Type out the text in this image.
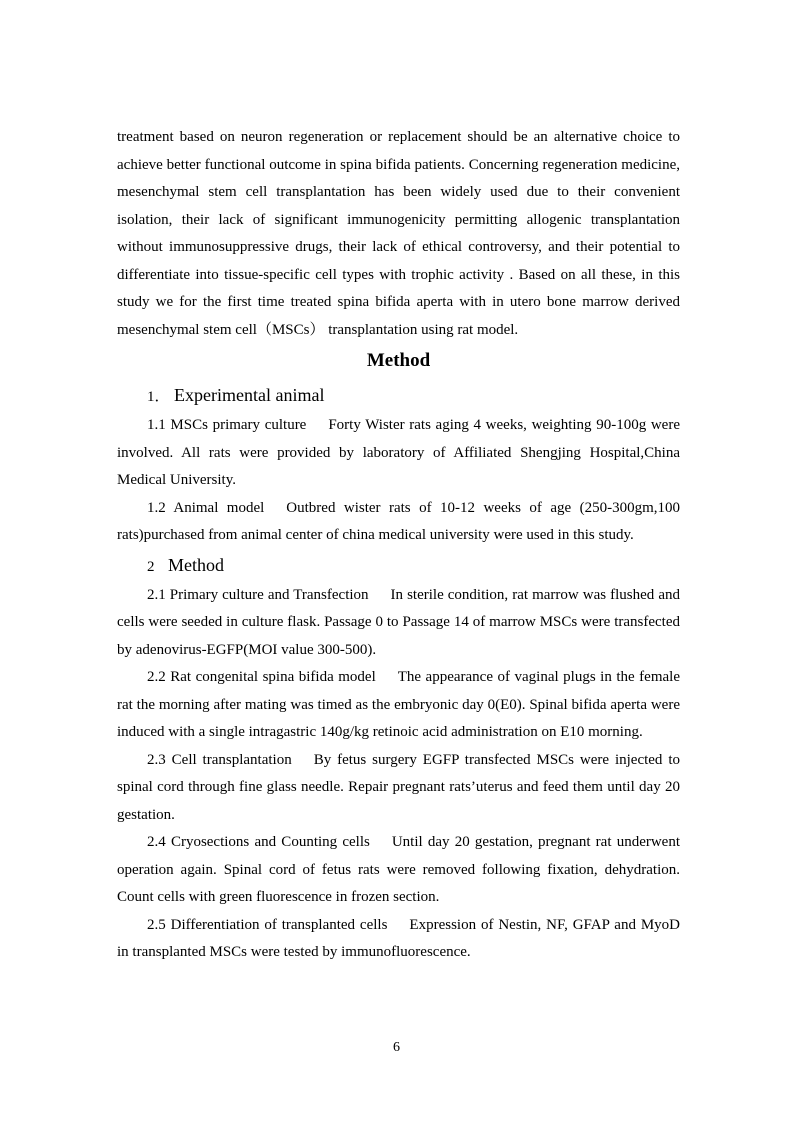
treatment based on neuron regeneration or replacement should be an alternative choice to achieve better functional outcome in spina bifida patients. Concerning regeneration medicine, mesenchymal stem cell transplantation has been widely used due to their convenient isolation, their lack of significant immunogenicity permitting allogenic transplantation without immunosuppressive drugs, their lack of ethical controversy, and their potential to differentiate into tissue-specific cell types with trophic activity . Based on all these, in this study we for the first time treated spina bifida aperta with in utero bone marrow derived mesenchymal stem cell（MSCs） transplantation using rat model.

Method

1． Experimental animal

1.1 MSCs primary culture Forty Wister rats aging 4 weeks, weighting 90-100g were involved. All rats were provided by laboratory of Affiliated Shengjing Hospital,China Medical University.

1.2 Animal model Outbred wister rats of 10-12 weeks of age (250-300gm,100 rats)purchased from animal center of china medical university were used in this study.

2 Method

2.1 Primary culture and Transfection In sterile condition, rat marrow was flushed and cells were seeded in culture flask. Passage 0 to Passage 14 of marrow MSCs were transfected by adenovirus-EGFP(MOI value 300-500).

2.2 Rat congenital spina bifida model The appearance of vaginal plugs in the female rat the morning after mating was timed as the embryonic day 0(E0). Spinal bifida aperta were induced with a single intragastric 140g/kg retinoic acid administration on E10 morning.

2.3 Cell transplantation By fetus surgery EGFP transfected MSCs were injected to spinal cord through fine glass needle. Repair pregnant rats’uterus and feed them until day 20 gestation.

2.4 Cryosections and Counting cells Until day 20 gestation, pregnant rat underwent operation again. Spinal cord of fetus rats were removed following fixation, dehydration. Count cells with green fluorescence in frozen section.

2.5 Differentiation of transplanted cells Expression of Nestin, NF, GFAP and MyoD in transplanted MSCs were tested by immunofluorescence.

6
